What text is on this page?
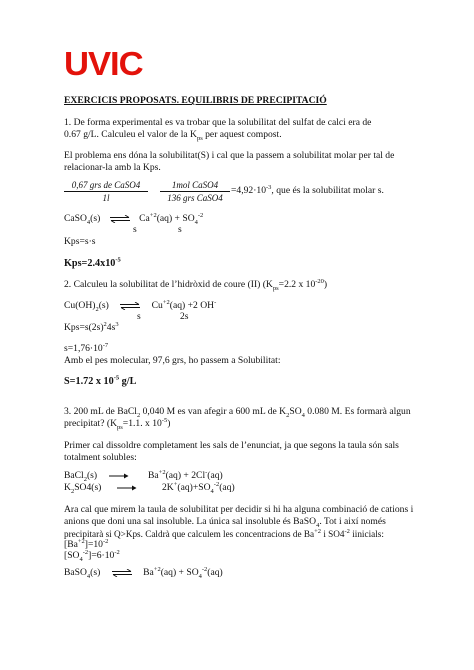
UVIC
EXERCICIS PROPOSATS. EQUILIBRIS DE PRECIPITACIÓ
1. De forma experimental es va trobar que la solubilitat del sulfat de calci era de
0.67 g/L. Calculeu el valor de la $K_{ps}$ per aquest compost.
El problema ens dóna la solubilitat(S) i cal que la passem a solubilitat molar per tal de
relacionar-la amb la Kps.
0,67 grs de CaSO4
1l
1mol CaSO4
136 grs CaSO4
$=4,92\cdot 10^{-3}$, que és la solubilitat molar s.
CaSO$_4$(s) ⇌ $Ca^{+2}(aq) + SO_4^{-2}$
s	s
Kps=s·s
$Kps=2.4x10^{-5}$
2. Calculeu la solubilitat de l’hidròxid de coure (II) ($K_{ps}=2.2$ x $10^{-20}$)
$Cu(OH)_2(s)$ ⇌ $Cu^{+2}(aq) +2$ OH-
s	2s
$Kps=s(2s)^24s^3$
$s=1,76\cdot 10^{-7}$
Amb el pes molecular, 97,6 grs, ho passem a Solubilitat:
S=1.72 x $10^{-5}$ g/L
3. 200 mL de BaCl$_2$ 0,040 M es van afegir a 600 mL de $K_2SO_4$ 0.080 M. Es formarà algun
precipitat? ($K_{ps}=1.1$. x $10^{-5}$)
Primer cal dissoldre completament les sals de l’enunciat, ja que segons la taula són sals
totalment solubles:
BaCl$_2$(s) → $Ba^{+2}(aq) + 2Cl^-(aq)$
$K_2SO4(s)$	$2K^+(aq)+SO_4^{-2}(aq)$
Ara cal que mirem la taula de solubilitat per decidir si hi ha alguna combinació de cations i
anions que doni una sal insoluble. La única sal insoluble és BaSO$_4$. Tot i així només
precipitarà si Q>Kps. Caldrà que calculem les concentracions de $Ba^{+2}$ i $SO4^{-2}$ iinicials:
$[Ba^{+2}]=10^{-2}$
$[SO_4^{-2}]=6\cdot 10^{-2}$
BaSO$_4$(s) ⇌ $Ba^{+2}(aq) + SO_4^{-2}(aq)$
